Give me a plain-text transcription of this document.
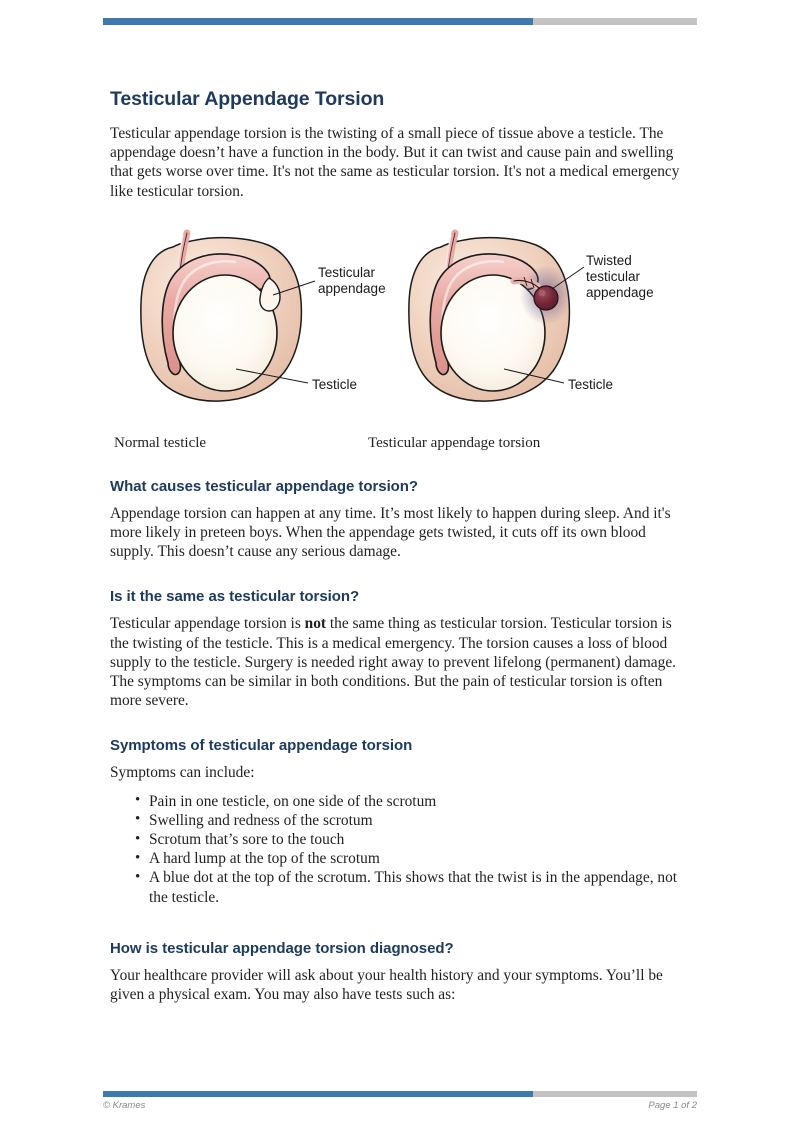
Testicular Appendage Torsion

Testicular appendage torsion is the twisting of a small piece of tissue above a testicle. The appendage doesn’t have a function in the body. But it can twist and cause pain and swelling that gets worse over time. It's not the same as testicular torsion. It's not a medical emergency like testicular torsion.

Testicular
appendage
Testicle
Twisted
testicular
appendage
Testicle
Normal testicle	Testicular appendage torsion
What causes testicular appendage torsion?

Appendage torsion can happen at any time. It’s most likely to happen during sleep. And it's more likely in preteen boys. When the appendage gets twisted, it cuts off its own blood supply. This doesn’t cause any serious damage.

Is it the same as testicular torsion?

Testicular appendage torsion is not the same thing as testicular torsion. Testicular torsion is the twisting of the testicle. This is a medical emergency. The torsion causes a loss of blood supply to the testicle. Surgery is needed right away to prevent lifelong (permanent) damage. The symptoms can be similar in both conditions. But the pain of testicular torsion is often more severe.

Symptoms of testicular appendage torsion

Symptoms can include:

• Pain in one testicle, on one side of the scrotum
• Swelling and redness of the scrotum
• Scrotum that’s sore to the touch
• A hard lump at the top of the scrotum
• A blue dot at the top of the scrotum. This shows that the twist is in the appendage, not the testicle.
How is testicular appendage torsion diagnosed?

Your healthcare provider will ask about your health history and your symptoms. You’ll be given a physical exam. You may also have tests such as:

© Krames	Page 1 of 2
